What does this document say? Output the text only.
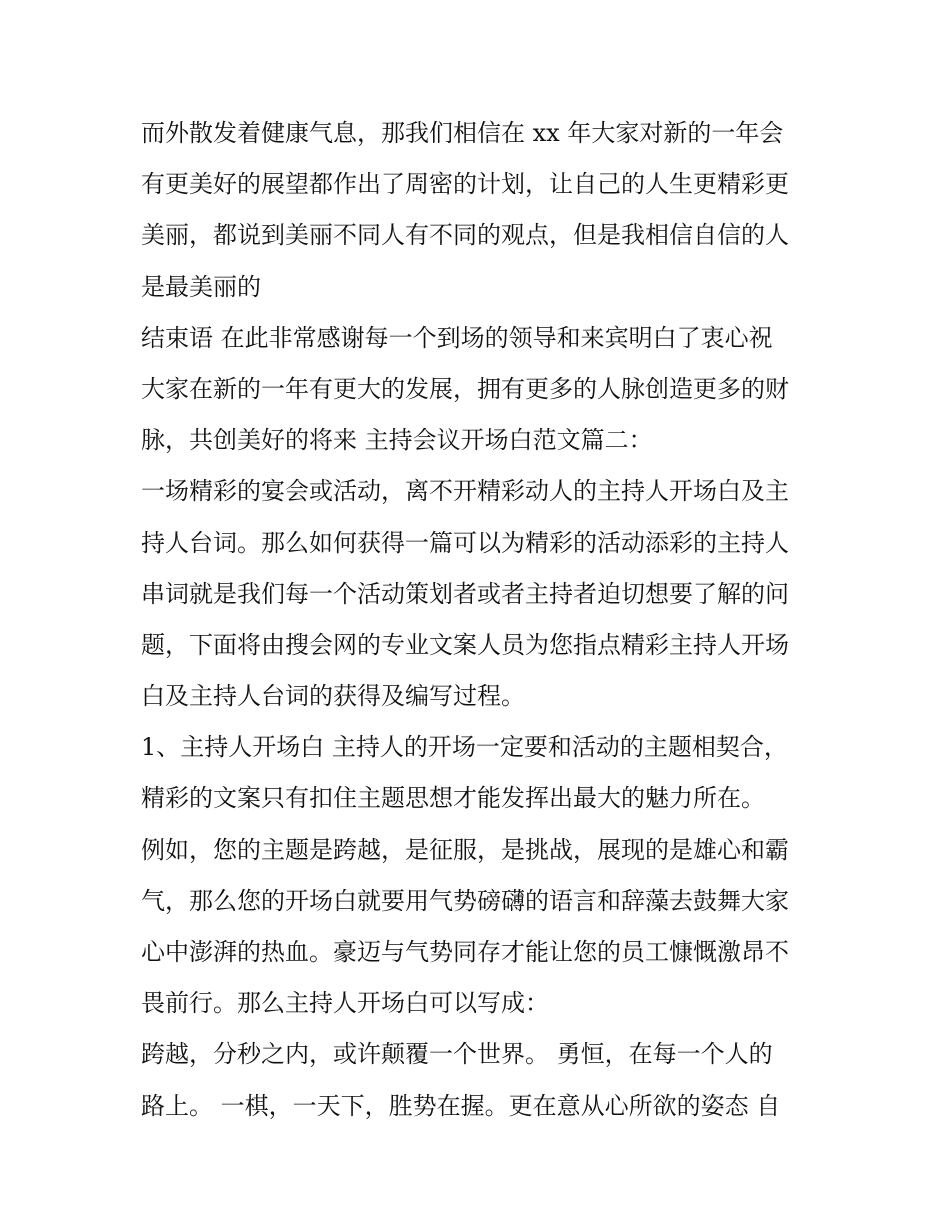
而外散发着健康气息，那我们相信在 xx 年大家对新的一年会
有更美好的展望都作出了周密的计划，让自己的人生更精彩更
美丽，都说到美丽不同人有不同的观点，但是我相信自信的人
是最美丽的
结束语 在此非常感谢每一个到场的领导和来宾明白了衷心祝
大家在新的一年有更大的发展，拥有更多的人脉创造更多的财
脉，共创美好的将来 主持会议开场白范文篇二：
一场精彩的宴会或活动，离不开精彩动人的主持人开场白及主
持人台词。那么如何获得一篇可以为精彩的活动添彩的主持人
串词就是我们每一个活动策划者或者主持者迫切想要了解的问
题，下面将由搜会网的专业文案人员为您指点精彩主持人开场
白及主持人台词的获得及编写过程。
1、主持人开场白 主持人的开场一定要和活动的主题相契合，
精彩的文案只有扣住主题思想才能发挥出最大的魅力所在。
例如，您的主题是跨越，是征服，是挑战，展现的是雄心和霸
气，那么您的开场白就要用气势磅礴的语言和辞藻去鼓舞大家
心中澎湃的热血。豪迈与气势同存才能让您的员工慷慨激昂不
畏前行。那么主持人开场白可以写成：
跨越，分秒之内，或许颠覆一个世界。 勇恒，在每一个人的
路上。 一棋，一天下，胜势在握。更在意从心所欲的姿态 自
